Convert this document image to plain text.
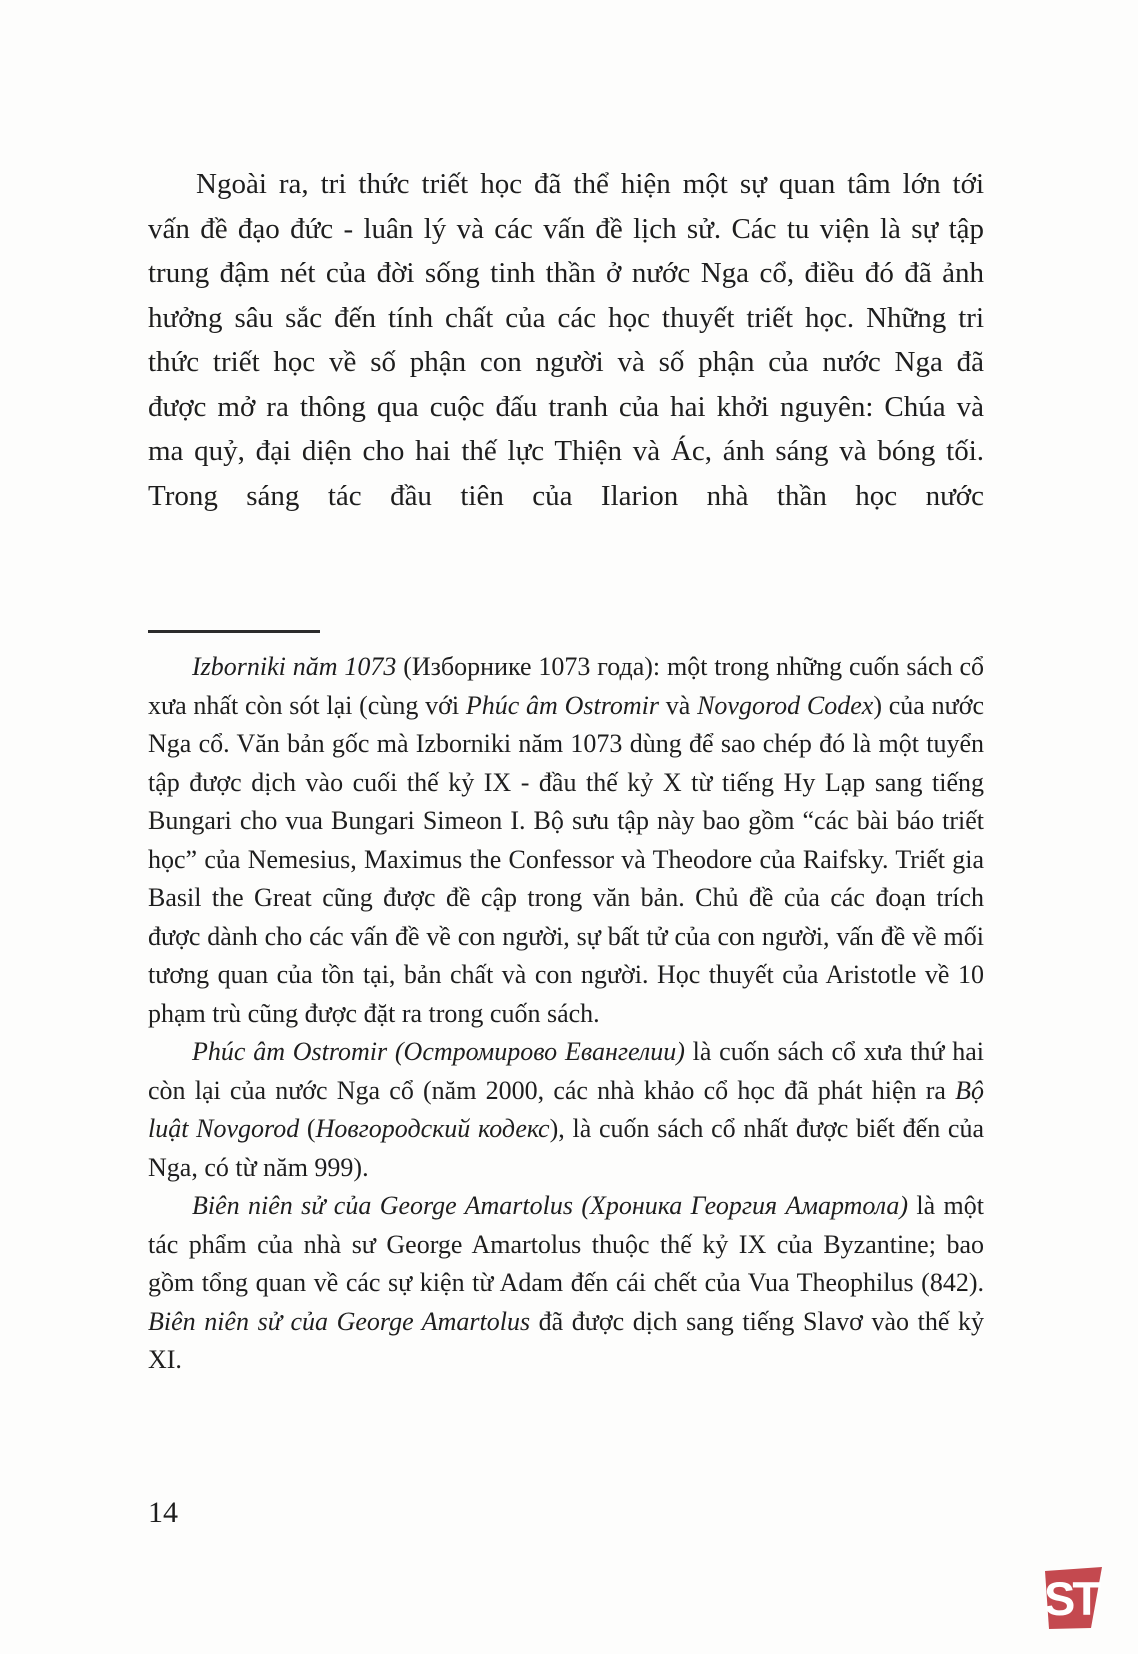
Ngoài ra, tri thức triết học đã thể hiện một sự quan tâm lớn tới vấn đề đạo đức - luân lý và các vấn đề lịch sử. Các tu viện là sự tập trung đậm nét của đời sống tinh thần ở nước Nga cổ, điều đó đã ảnh hưởng sâu sắc đến tính chất của các học thuyết triết học. Những tri thức triết học về số phận con người và số phận của nước Nga đã được mở ra thông qua cuộc đấu tranh của hai khởi nguyên: Chúa và ma quỷ, đại diện cho hai thế lực Thiện và Ác, ánh sáng và bóng tối. Trong sáng tác đầu tiên của Ilarion nhà thần học nước

Izborniki năm 1073 (Изборнике 1073 года): một trong những cuốn sách cổ xưa nhất còn sót lại (cùng với Phúc âm Ostromir và Novgorod Codex) của nước Nga cổ. Văn bản gốc mà Izborniki năm 1073 dùng để sao chép đó là một tuyển tập được dịch vào cuối thế kỷ IX - đầu thế kỷ X từ tiếng Hy Lạp sang tiếng Bungari cho vua Bungari Simeon I. Bộ sưu tập này bao gồm “các bài báo triết học” của Nemesius, Maximus the Confessor và Theodore của Raifsky. Triết gia Basil the Great cũng được đề cập trong văn bản. Chủ đề của các đoạn trích được dành cho các vấn đề về con người, sự bất tử của con người, vấn đề về mối tương quan của tồn tại, bản chất và con người. Học thuyết của Aristotle về 10 phạm trù cũng được đặt ra trong cuốn sách.

Phúc âm Ostromir (Остромирово Евангелии) là cuốn sách cổ xưa thứ hai còn lại của nước Nga cổ (năm 2000, các nhà khảo cổ học đã phát hiện ra Bộ luật Novgorod (Новгородский кодекс), là cuốn sách cổ nhất được biết đến của Nga, có từ năm 999).

Biên niên sử của George Amartolus (Хроника Георгия Амартола) là một tác phẩm của nhà sư George Amartolus thuộc thế kỷ IX của Byzantine; bao gồm tổng quan về các sự kiện từ Adam đến cái chết của Vua Theophilus (842). Biên niên sử của George Amartolus đã được dịch sang tiếng Slavơ vào thế kỷ XI.

14
ST
